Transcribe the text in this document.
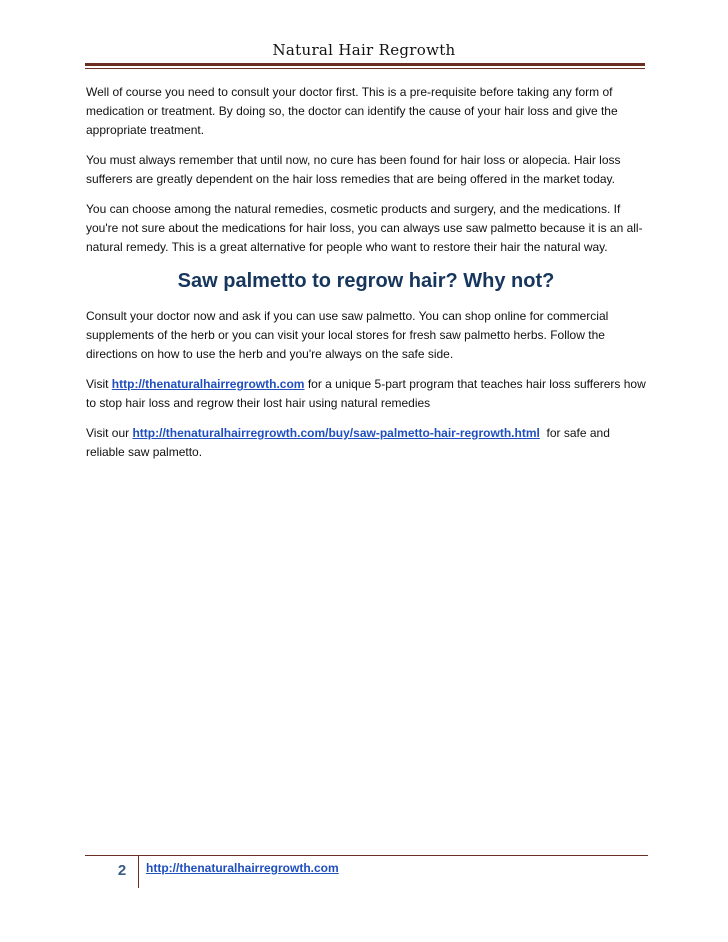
Natural Hair Regrowth

Well of course you need to consult your doctor first. This is a pre-requisite before taking any form of medication or treatment. By doing so, the doctor can identify the cause of your hair loss and give the appropriate treatment.

You must always remember that until now, no cure has been found for hair loss or alopecia. Hair loss sufferers are greatly dependent on the hair loss remedies that are being offered in the market today.

You can choose among the natural remedies, cosmetic products and surgery, and the medications. If you're not sure about the medications for hair loss, you can always use saw palmetto because it is an all-natural remedy. This is a great alternative for people who want to restore their hair the natural way.

Saw palmetto to regrow hair? Why not?

Consult your doctor now and ask if you can use saw palmetto. You can shop online for commercial supplements of the herb or you can visit your local stores for fresh saw palmetto herbs. Follow the directions on how to use the herb and you're always on the safe side.

Visit http://thenaturalhairregrowth.com for a unique 5-part program that teaches hair loss sufferers how to stop hair loss and regrow their lost hair using natural remedies

Visit our http://thenaturalhairregrowth.com/buy/saw-palmetto-hair-regrowth.html  for safe and reliable saw palmetto.

2	http://thenaturalhairregrowth.com
